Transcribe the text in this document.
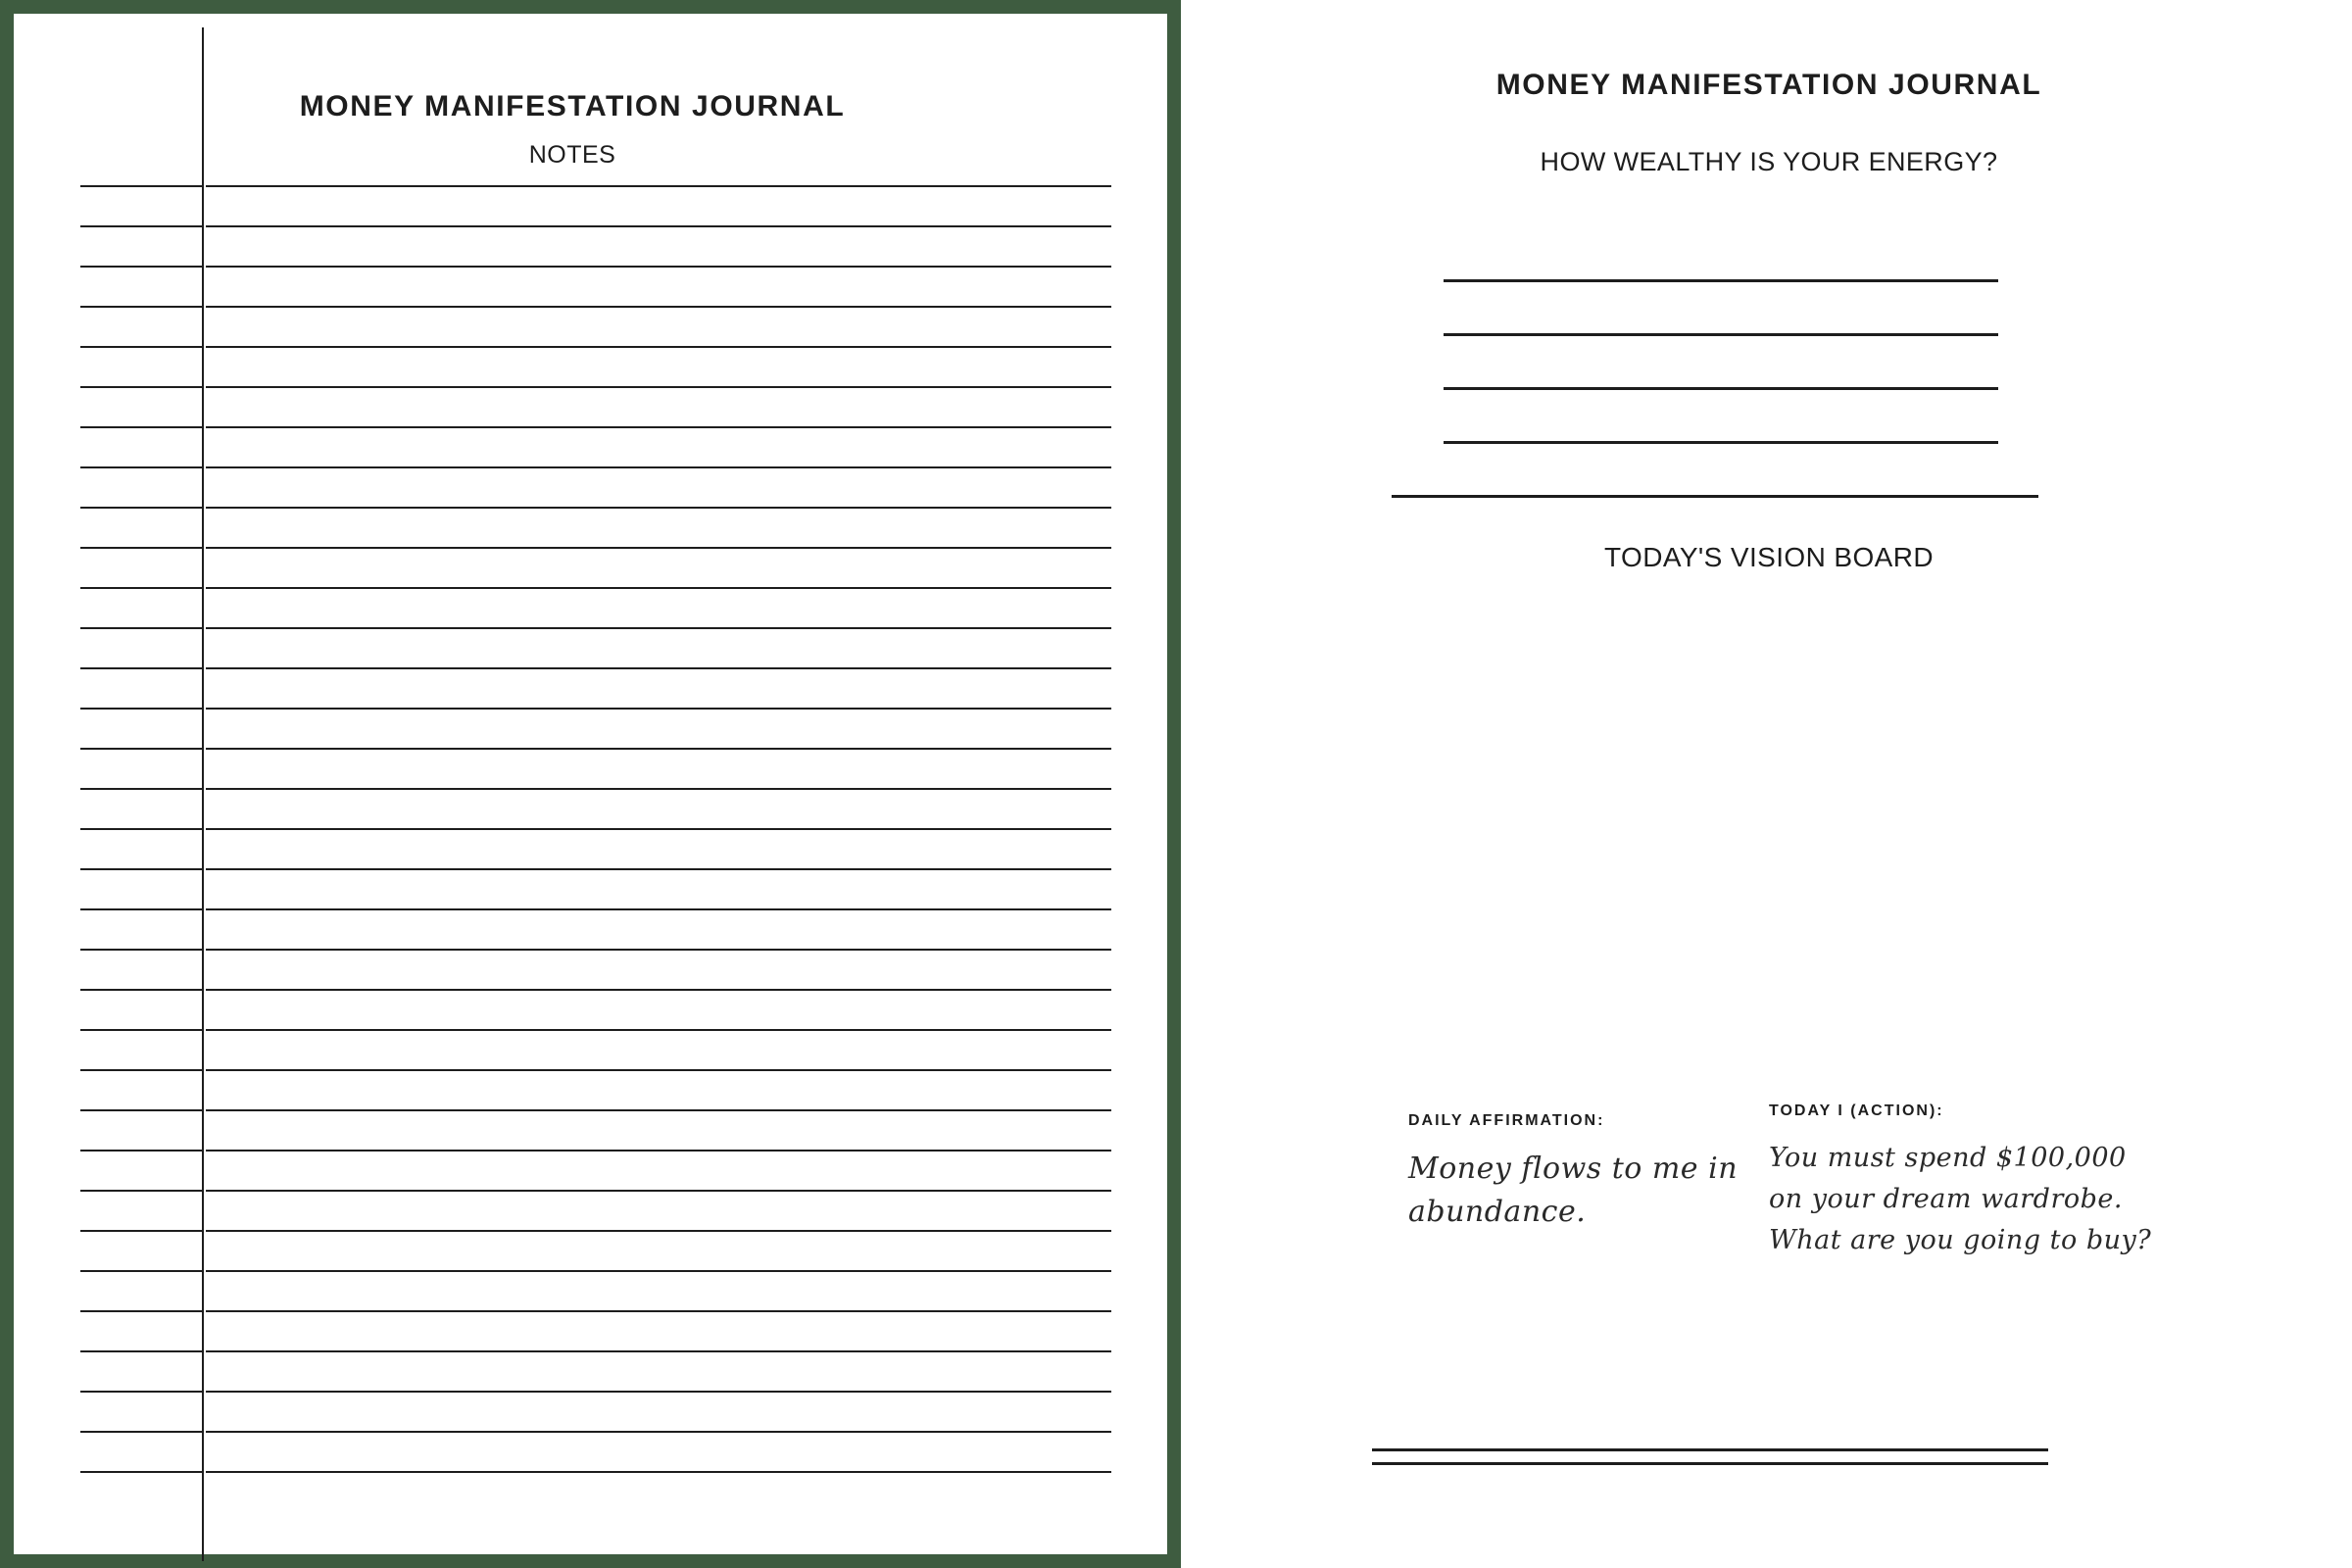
MONEY MANIFESTATION JOURNAL
NOTES
MONEY MANIFESTATION JOURNAL
HOW WEALTHY IS YOUR ENERGY?
TODAY'S VISION BOARD
DAILY AFFIRMATION:
Money flows to me in abundance.
TODAY I (ACTION):
You must spend $100,000 on your dream wardrobe. What are you going to buy?
